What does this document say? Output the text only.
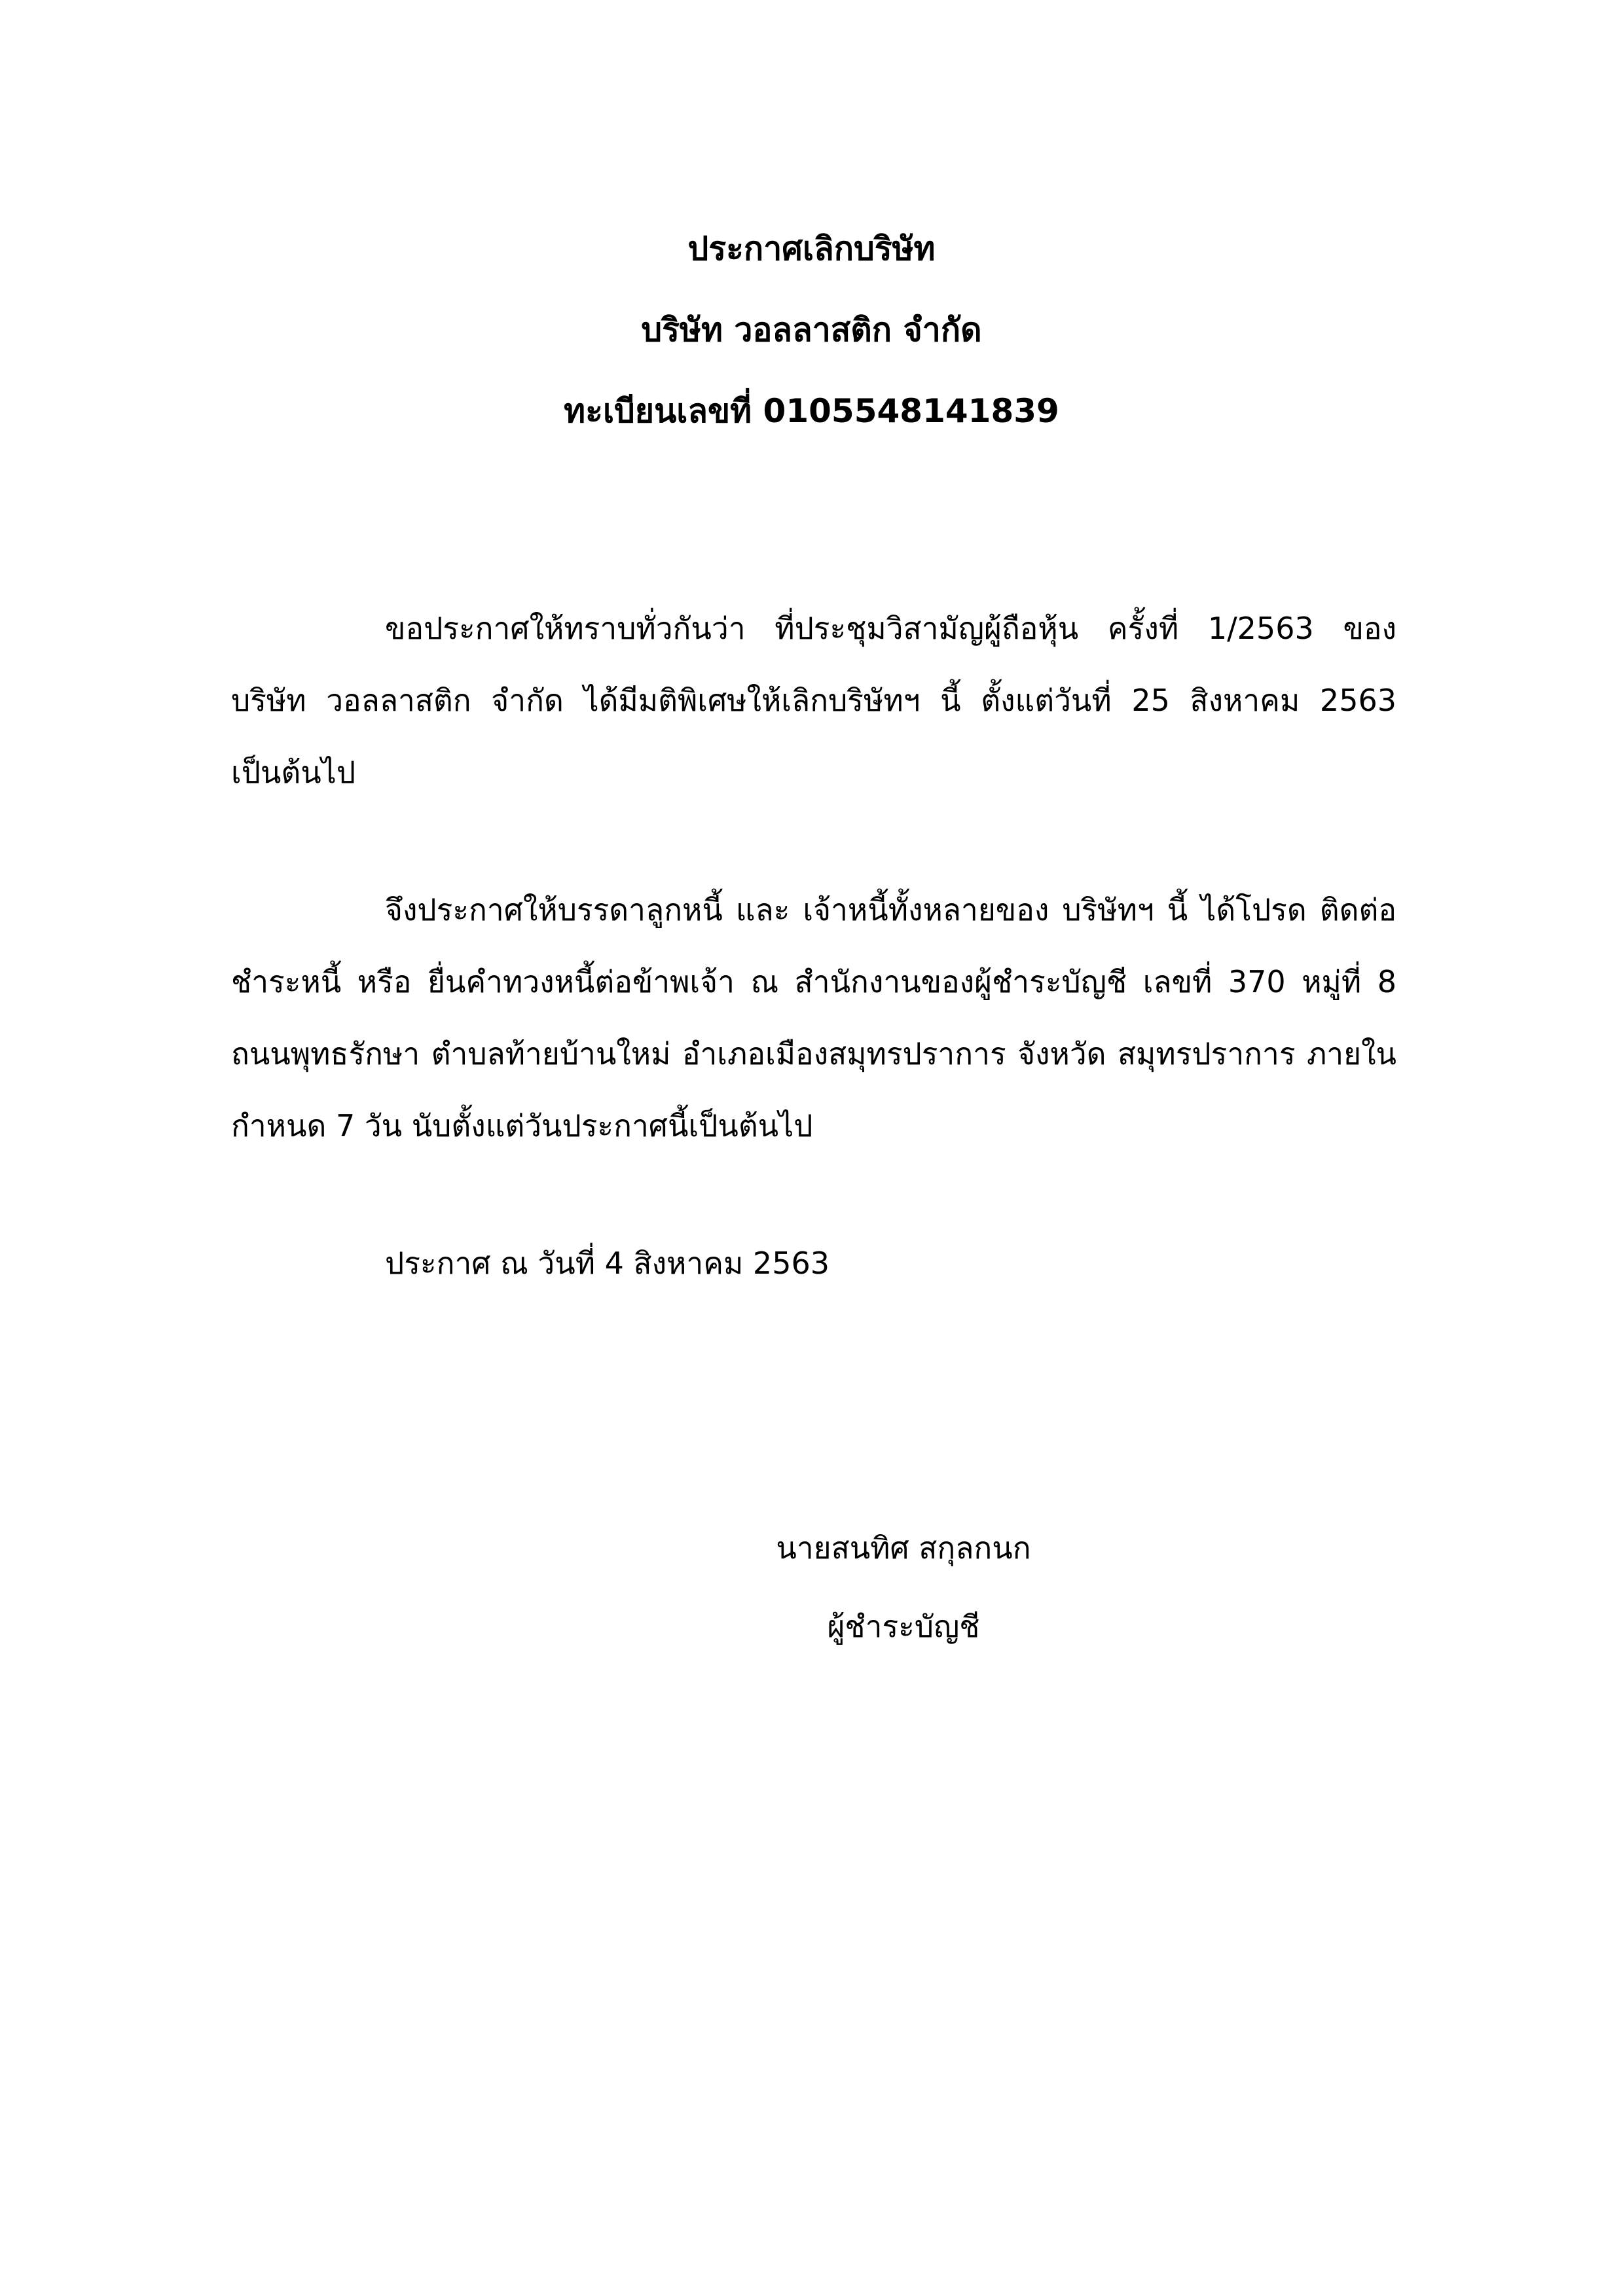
ประกาศเลิกบริษัท
บริษัท วอลลาสติก จำกัด
ทะเบียนเลขที่ 0105548141839
ขอประกาศให้ทราบทั่วกันว่า ที่ประชุมวิสามัญผู้ถือหุ้น ครั้งที่ 1/2563 ของ บริษัท วอลลาสติก จำกัด ได้มีมติพิเศษให้เลิกบริษัทฯ นี้ ตั้งแต่วันที่ 25 สิงหาคม 2563 เป็นต้นไป
จึงประกาศให้บรรดาลูกหนี้ และ เจ้าหนี้ทั้งหลายของ บริษัทฯ นี้ ได้โปรด ติดต่อชำระหนี้ หรือ ยื่นคำทวงหนี้ต่อข้าพเจ้า ณ สำนักงานของผู้ชำระบัญชี เลขที่ 370 หมู่ที่ 8 ถนนพุทธรักษา ตำบลท้ายบ้านใหม่ อำเภอเมืองสมุทรปราการ จังหวัด สมุทรปราการ ภายในกำหนด 7 วัน นับตั้งแต่วันประกาศนี้เป็นต้นไป
ประกาศ ณ วันที่ 4 สิงหาคม 2563
นายสนทิศ สกุลกนก
ผู้ชำระบัญชี
